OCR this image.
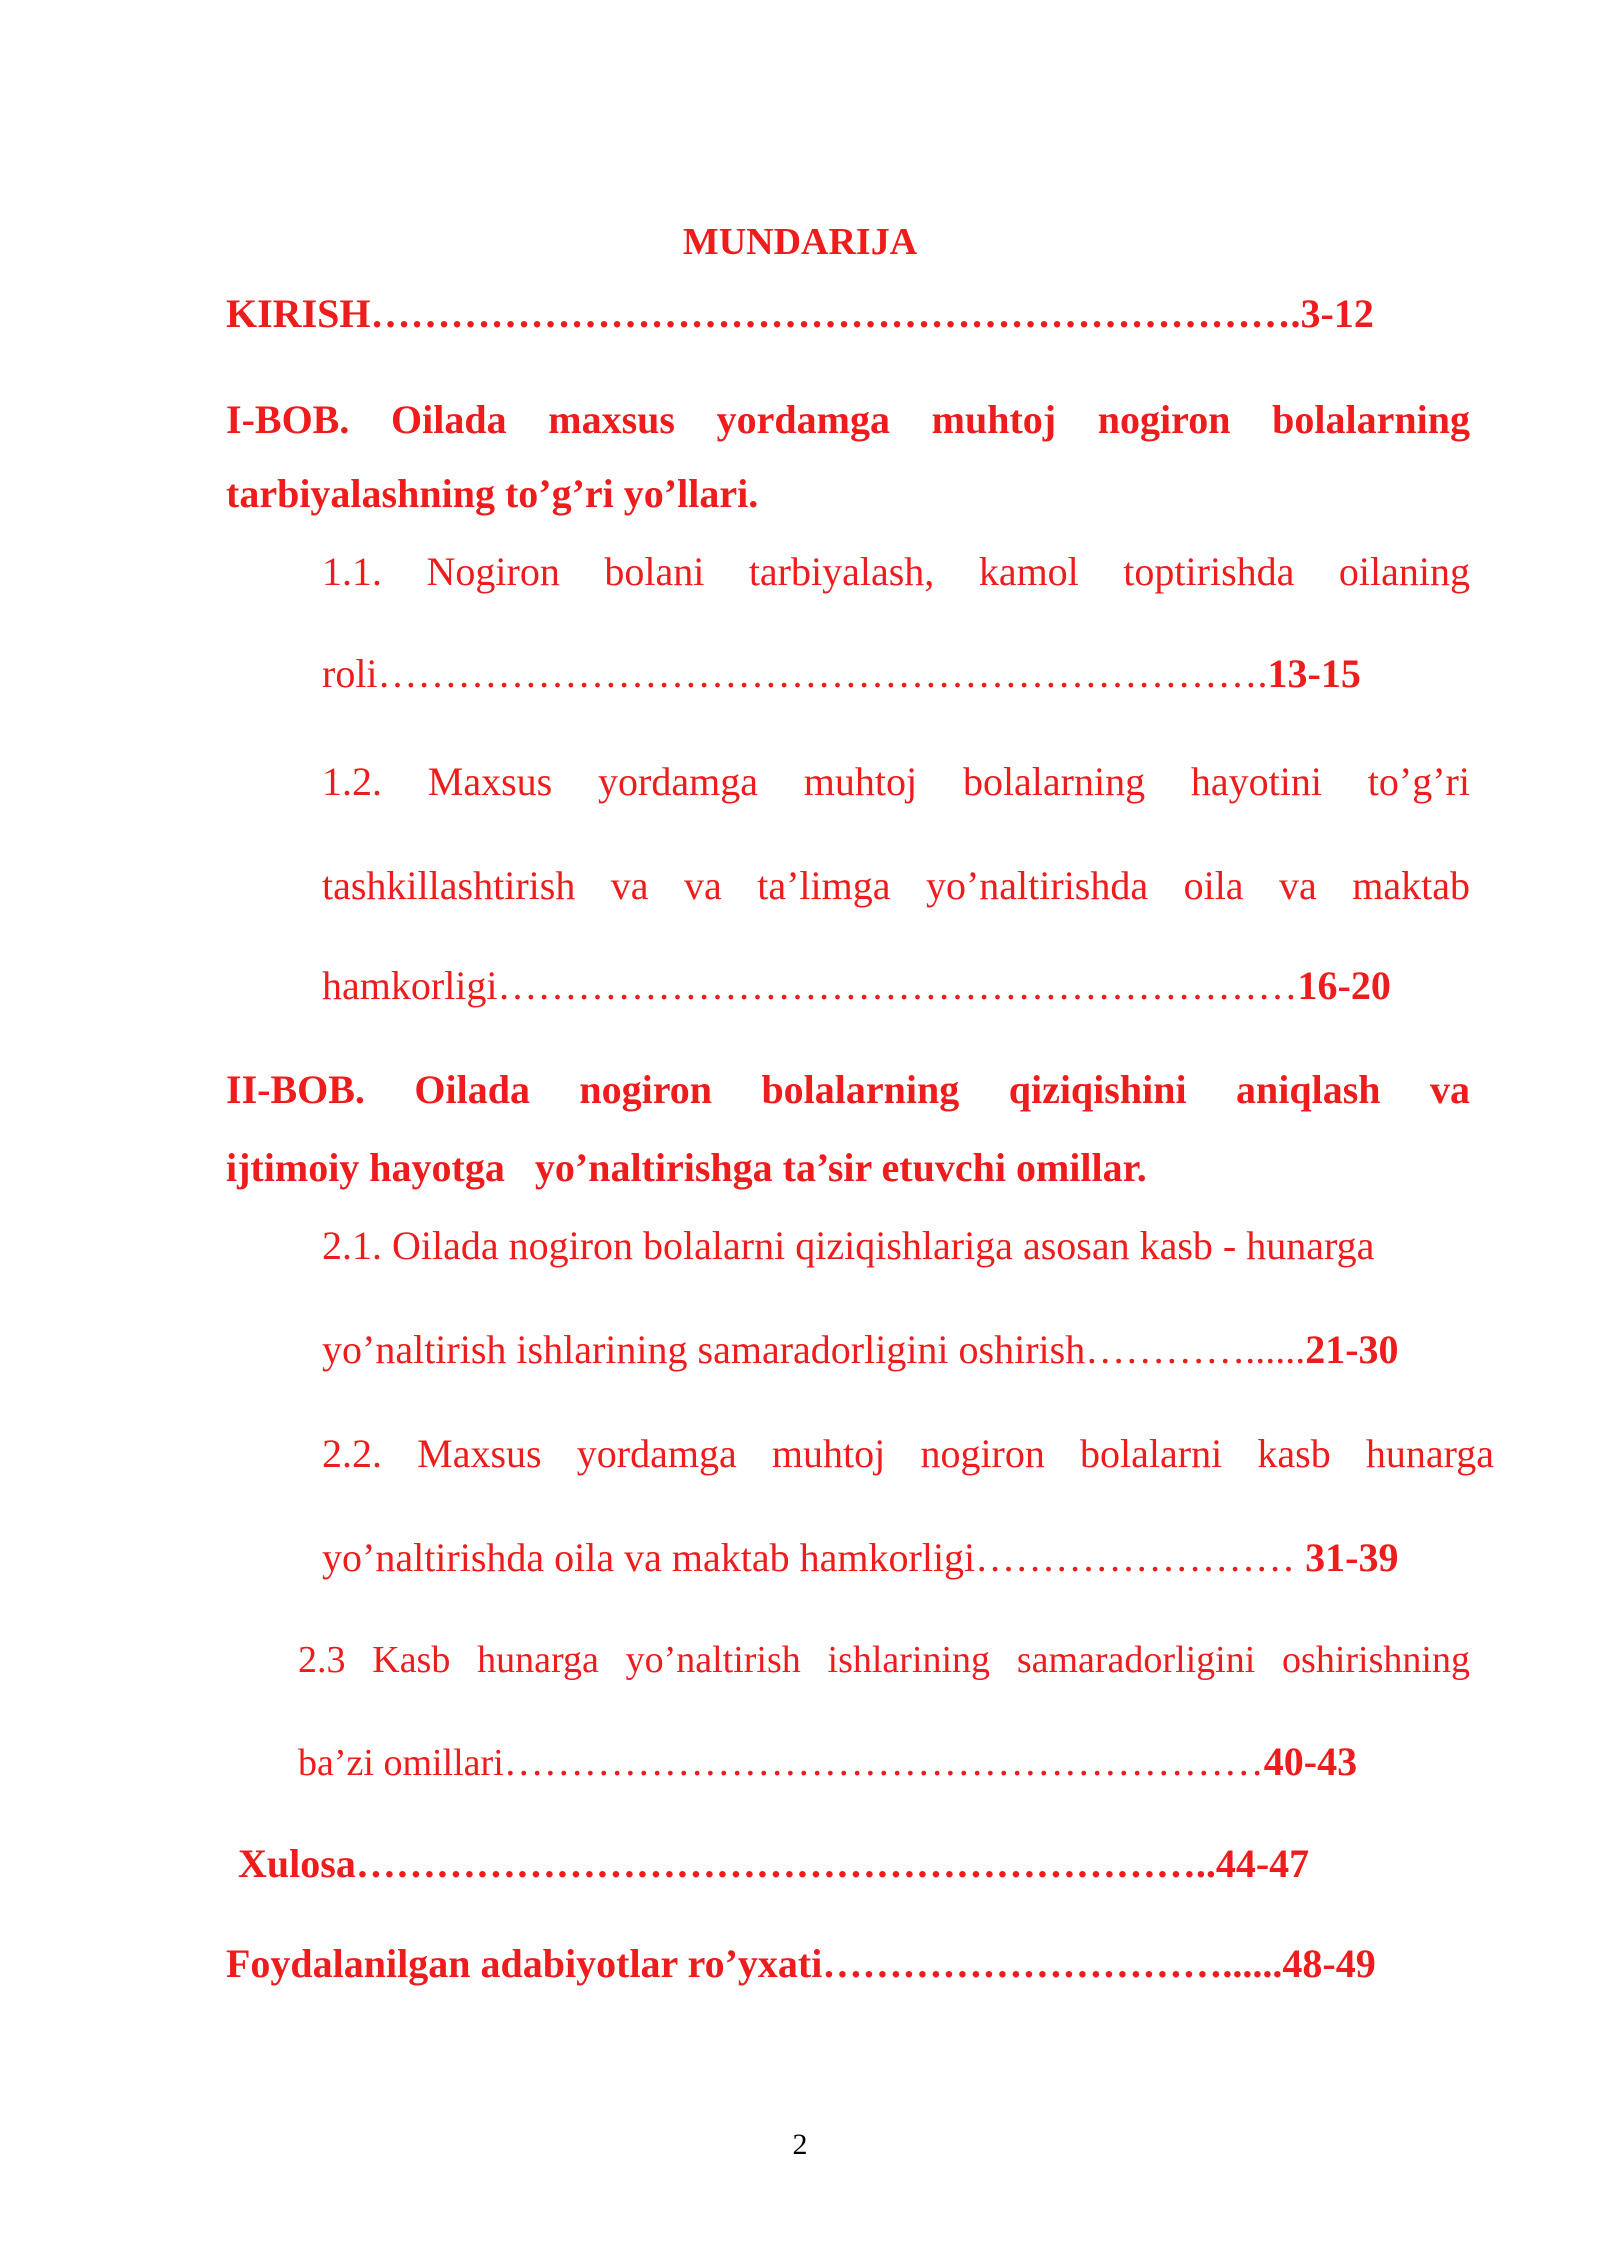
MUNDARIJA
KIRISH…………………………………………………………….3-12
I-BOB. Oilada maxsus yordamga muhtoj nogiron bolalarning
tarbiyalashning to’g’ri yo’llari.
1.1. Nogiron bolani tarbiyalash, kamol toptirishda oilaning
roli………………………………………………………….13-15
1.2. Maxsus yordamga muhtoj bolalarning hayotini to’g’ri
tashkillashtirish va va ta’limga yo’naltirishda oila va maktab
hamkorligi……………………………………………………16-20
II-BOB. Oilada nogiron bolalarning qiziqishini aniqlash va
ijtimoiy hayotga yo’naltirishga ta’sir etuvchi omillar.
2.1. Oilada nogiron bolalarni qiziqishlariga asosan kasb - hunarga
yo’naltirish ishlarining samaradorligini oshirish…………......21-30
2.2. Maxsus yordamga muhtoj nogiron bolalarni kasb hunarga
yo’naltirishda oila va maktab hamkorligi…………………… 31-39
2.3 Kasb hunarga yo’naltirish ishlarining samaradorligini oshirishning
ba’zi omillari…………………………………………………40-43
Xulosa………………………………………………………..44-47
Foydalanilgan adabiyotlar ro’yxati…………………………......48-49
2
